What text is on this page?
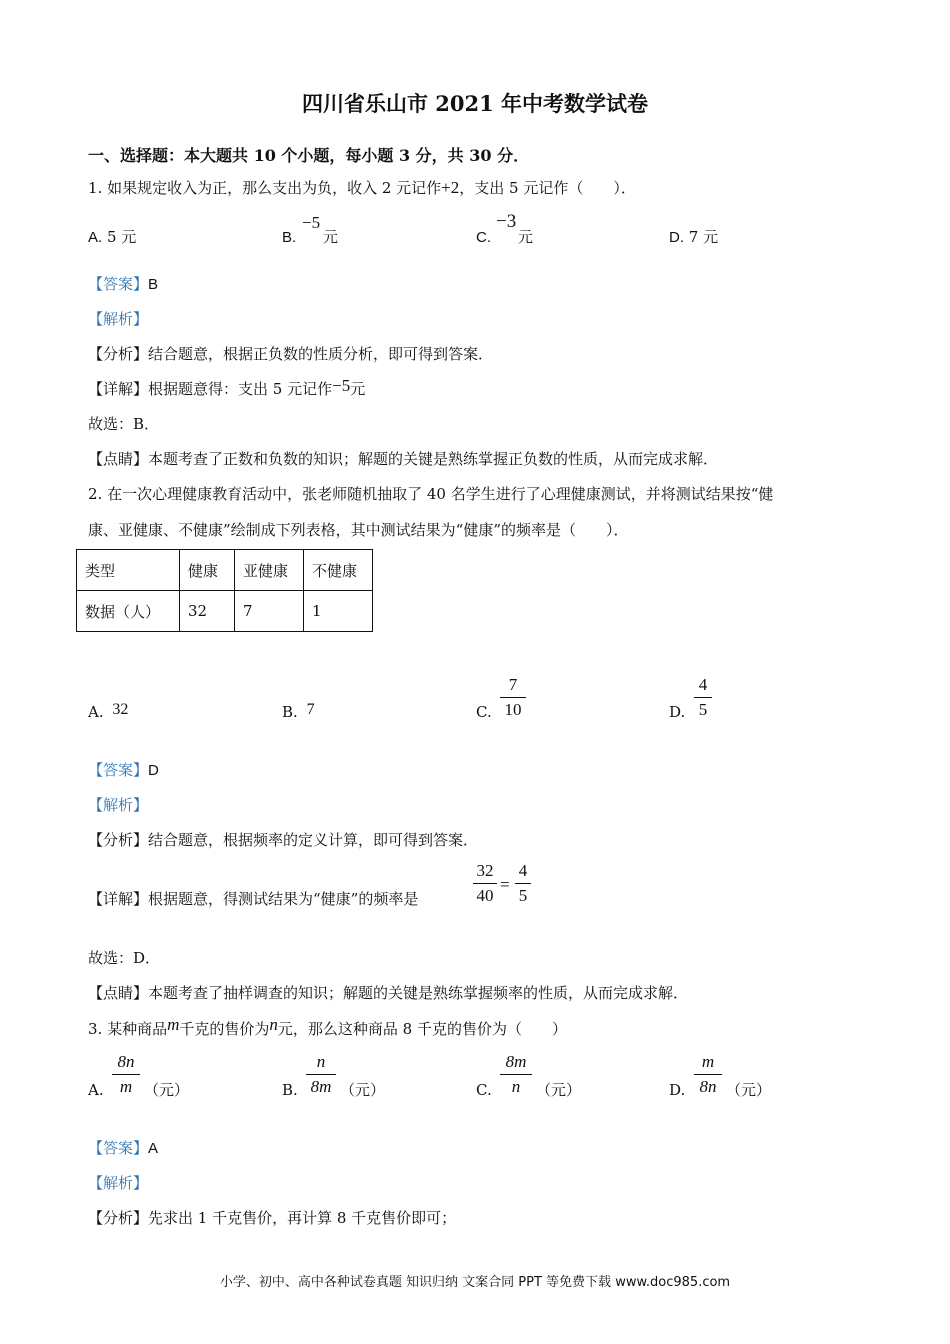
四川省乐山市 2021 年中考数学试卷
一、选择题：本大题共 10 个小题，每小题 3 分，共 30 分．
1. 如果规定收入为正，那么支出为负，收入 2 元记作+2，支出 5 元记作（　　）．
A. 5 元	B.
−5
元	C.
−3
元	D. 7 元
【答案】B
【解析】
【分析】结合题意，根据正负数的性质分析，即可得到答案．
【详解】根据题意得：支出 5 元记作−5元
故选：B．
【点睛】本题考查了正数和负数的知识；解题的关键是熟练掌握正负数的性质，从而完成求解．
2. 在一次心理健康教育活动中，张老师随机抽取了 40 名学生进行了心理健康测试，并将测试结果按“健
康、亚健康、不健康”绘制成下列表格，其中测试结果为“健康”的频率是（　　）．
类型	健康	亚健康	不健康
数据（人）	32	7	1
A. 32	B. 7	C.
7
10	D.
4
5
【答案】D
【解析】
【分析】结合题意，根据频率的定义计算，即可得到答案．
【详解】根据题意，得测试结果为“健康”的频率是
32
40
=
4
5
故选：D．
【点睛】本题考查了抽样调查的知识；解题的关键是熟练掌握频率的性质，从而完成求解．
3. 某种商品m千克的售价为n元，那么这种商品 8 千克的售价为（　　）
A.
8n
m （元）	B.
n
8m （元）	C.
8m
n	（元）	D.
m
8n （元）
【答案】A
【解析】
【分析】先求出 1 千克售价，再计算 8 千克售价即可；
小学、初中、高中各种试卷真题 知识归纳 文案合同 PPT 等免费下载 www.doc985.com
